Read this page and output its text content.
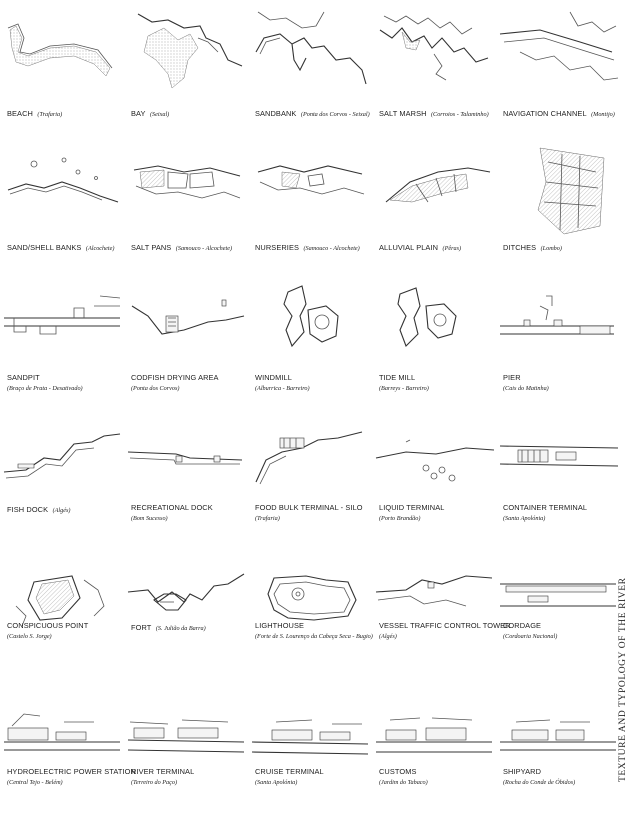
BEACH (Trafaria)	BAY (Seixal)	SANDBANK (Ponta dos Corvos - Seixal)	SALT MARSH (Corroios - Talaminho)	NAVIGATION CHANNEL (Montijo)
SAND/SHELL BANKS (Alcochete)	SALT PANS (Samouco - Alcochete)	NURSERIES (Samouco - Alcochete)	ALLUVIAL PLAIN (Pêras)	DITCHES (Lombo)
SANDPIT
(Braço de Prata - Desativado)
CODFISH DRYING AREA
(Ponta dos Corvos)
WINDMILL
(Alburrica - Barreiro)
TIDE MILL
(Barreys - Barreiro)
PIER
(Cais do Matinha)
FISH DOCK (Algés)	RECREATIONAL DOCK
(Bom Sucesso)
FOOD BULK TERMINAL - SILO
(Trafaria)
LIQUID TERMINAL
(Porto Brandão)
CONTAINER TERMINAL
(Santa Apolónia)
CONSPICUOUS POINT
(Castelo S. Jorge)
FORT (S. Julião da Barra)	LIGHTHOUSE
(Forte de S. Lourenço da Cabeça Seca - Bugio)
VESSEL TRAFFIC CONTROL TOWER
(Algés)
CORDAGE
(Cordoaria Nacional)
HYDROELECTRIC POWER STATION
(Central Tejo - Belém)
RIVER TERMINAL
(Terreiro do Paço)
CRUISE TERMINAL
(Santa Apolónia)
CUSTOMS
(Jardim do Tabaco)
SHIPYARD
(Rocha do Conde de Óbidos)
TEXTURE AND TYPOLOGY OF THE RIVER
